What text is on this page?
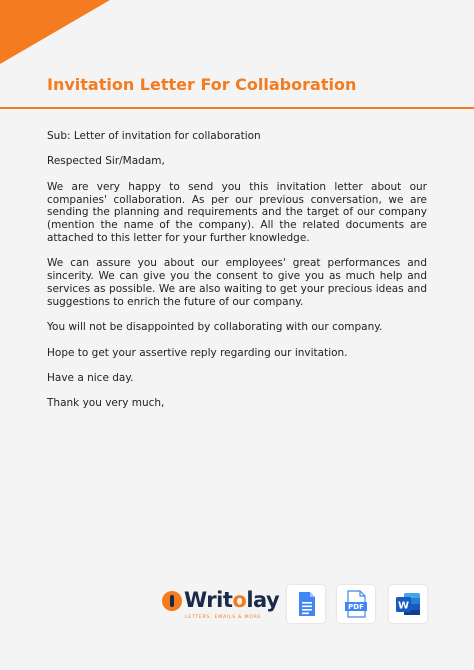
Invitation Letter For Collaboration

Sub: Letter of invitation for collaboration

Respected Sir/Madam,

We are very happy to send you this invitation letter about our companies' collaboration. As per our previous conversation, we are sending the planning and requirements and the target of our company (mention the name of the company). All the related documents are attached to this letter for your further knowledge.

We can assure you about our employees' great performances and sincerity. We can give you the consent to give you as much help and services as possible. We are also waiting to get your precious ideas and suggestions to enrich the future of our company.

You will not be disappointed by collaborating with our company.

Hope to get your assertive reply regarding our invitation.

Have a nice day.

Thank you very much,

Writolay
LETTERS, EMAILS & MORE
PDF	W
